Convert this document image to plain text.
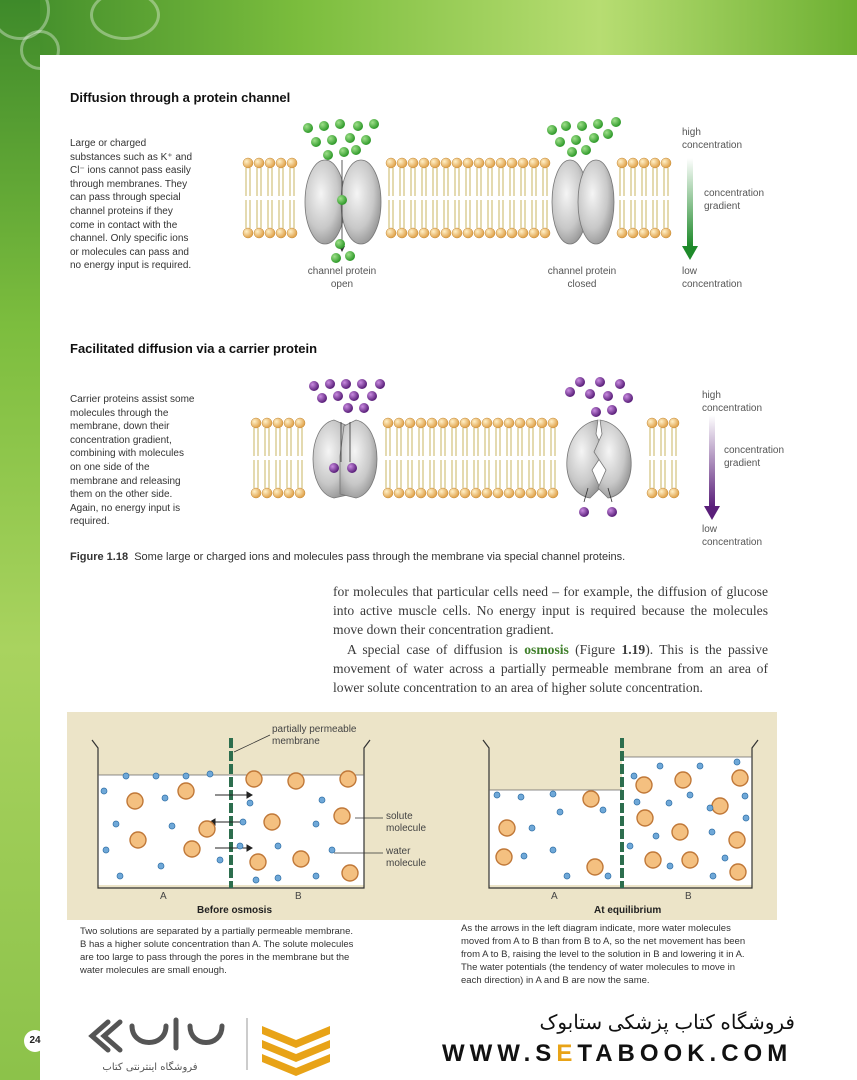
Diffusion through a protein channel
Large or charged
substances such as K⁺ and
Cl⁻ ions cannot pass easily
through membranes. They
can pass through special
channel proteins if they
come in contact with the
channel. Only specific ions
or molecules can pass and
no energy input is required.
channel protein
open
channel protein
closed
high
concentration
concentration
gradient
low
concentration
Facilitated diffusion via a carrier protein
Carrier proteins assist some
molecules through the
membrane, down their
concentration gradient,
combining with molecules
on one side of the
membrane and releasing
them on the other side.
Again, no energy input is
required.
high
concentration
concentration
gradient
low
concentration
Figure 1.18 Some large or charged ions and molecules pass through the membrane via special channel proteins.

for molecules that particular cells need – for example, the diffusion of glucose into active muscle cells. No energy input is required because the molecules move down their concentration gradient.

A special case of diffusion is osmosis (Figure 1.19). This is the passive movement of water across a partially permeable membrane from an area of lower solute concentration to an area of higher solute concentration.

partially permeable
membrane
solute
molecule
water
molecule
A	B	A	B
Before osmosis	At equilibrium
Two solutions are separated by a partially permeable membrane.
B has a higher solute concentration than A. The solute molecules
are too large to pass through the pores in the membrane but the
water molecules are small enough.
As the arrows in the left diagram indicate, more water molecules
moved from A to B than from B to A, so the net movement has been
from A to B, raising the level to the solution in B and lowering it in A.
The water potentials (the tendency of water molecules to move in
each direction) in A and B are now the same.
24
فروشگاه اینترنتی کتاب
فروشگاه کتاب پزشکی ستابوک
WWW.SETABOOK.COM
